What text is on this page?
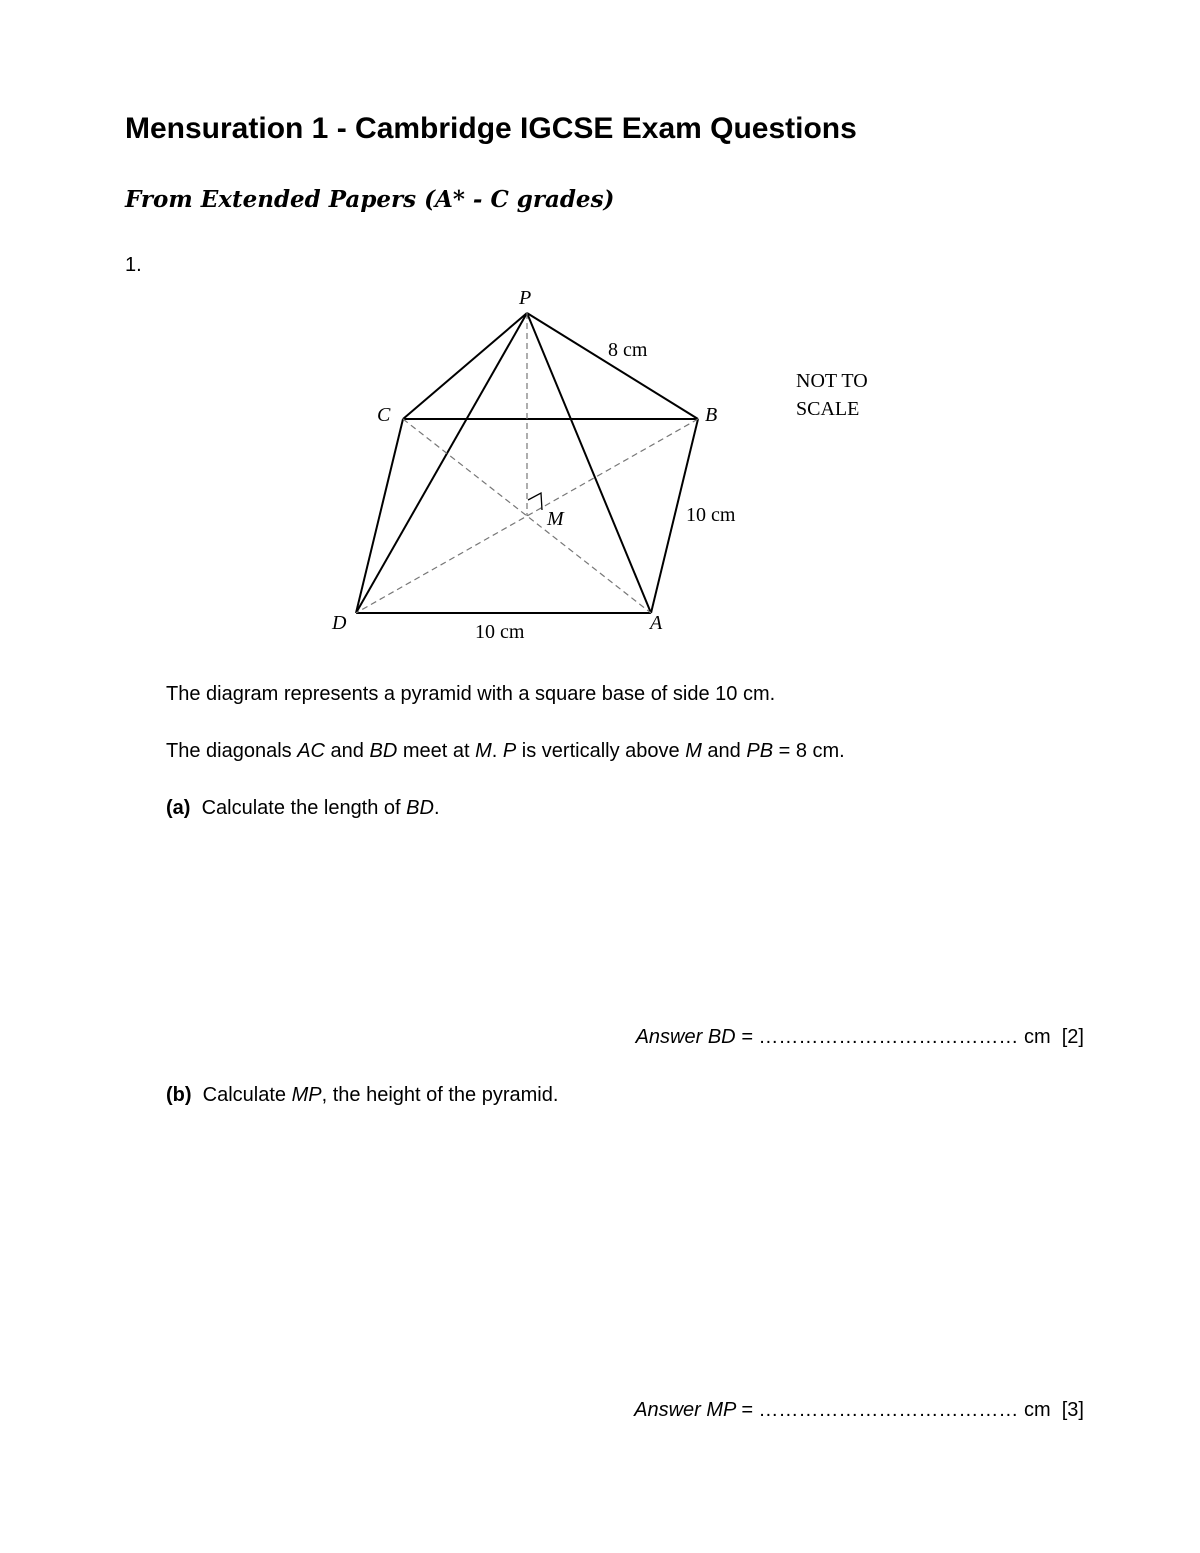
Mensuration 1 - Cambridge IGCSE Exam Questions
From Extended Papers (A* - C grades)
1.
P
C	B
M
D	A
8 cm
10 cm
10 cm
NOT TO
SCALE
The diagram represents a pyramid with a square base of side 10 cm.
The diagonals AC and BD meet at M. P is vertically above M and PB = 8 cm.
(a) Calculate the length of BD.
Answer BD = ………………………………… cm [2]
(b) Calculate MP, the height of the pyramid.
Answer MP = ………………………………… cm [3]
